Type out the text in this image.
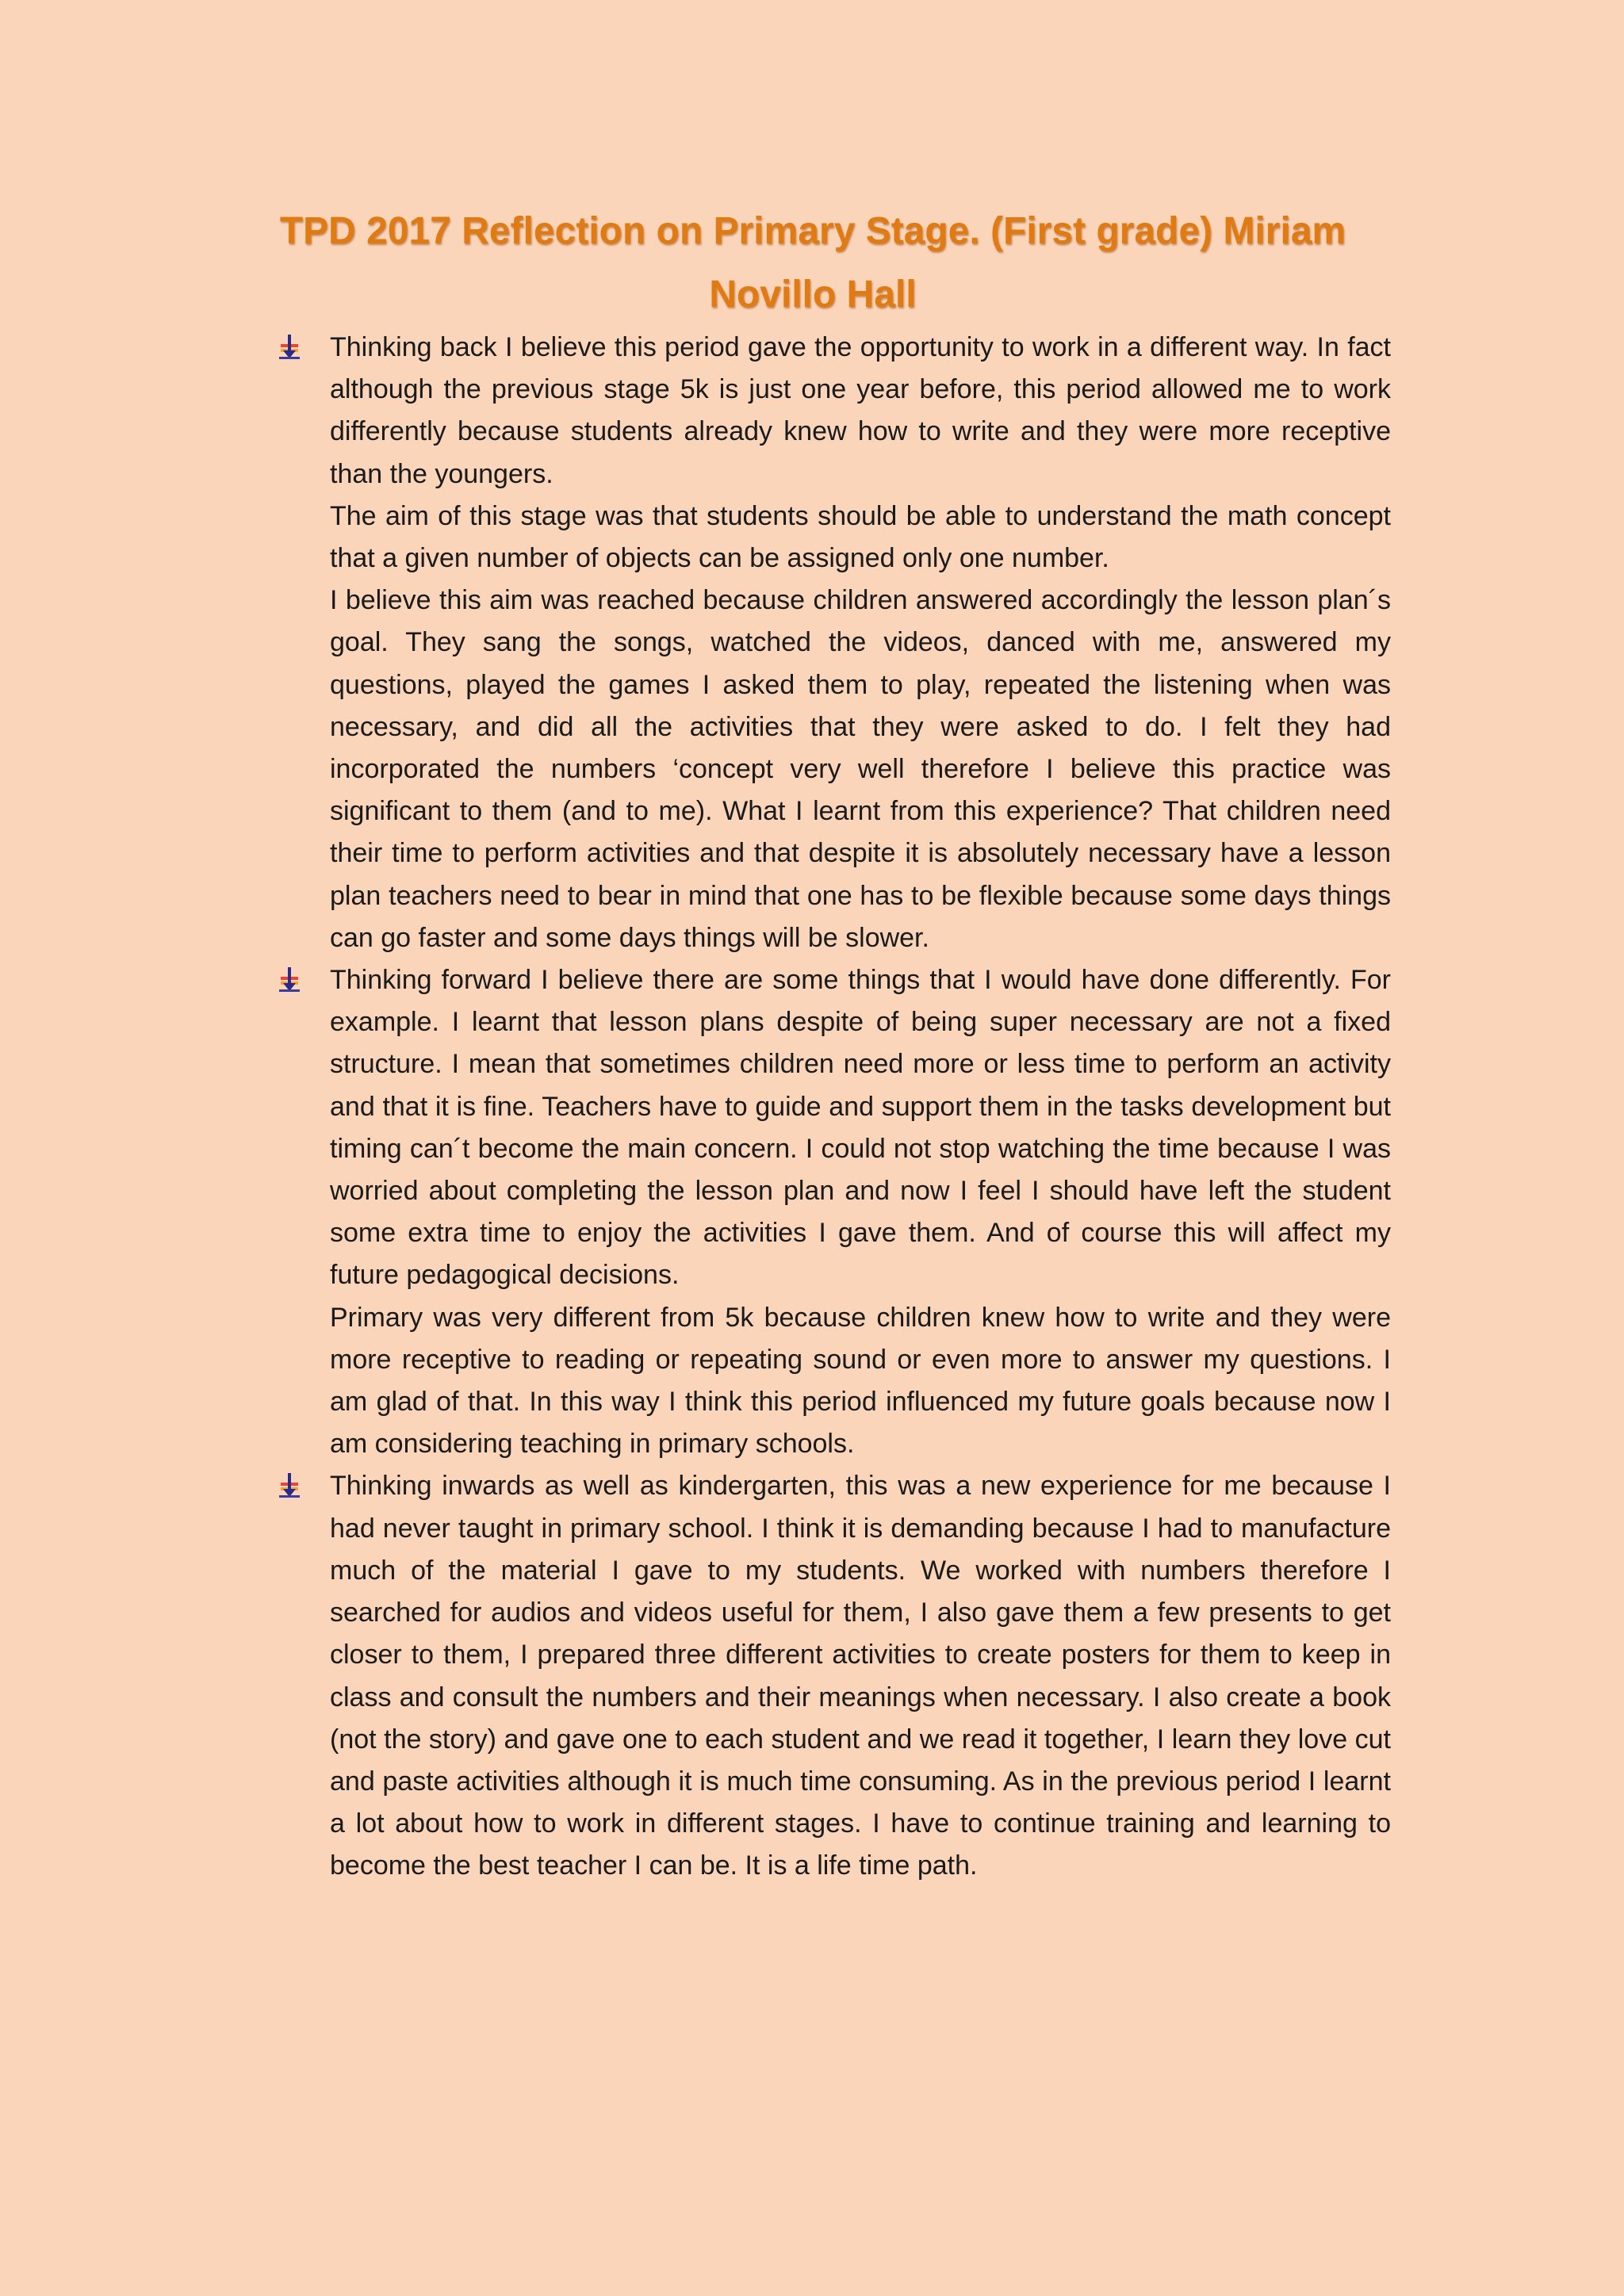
TPD 2017 Reflection on Primary Stage. (First grade) Miriam Novillo Hall

Thinking back I believe this period gave the opportunity to work in a different way. In fact although the previous stage 5k is just one year before, this period allowed me to work differently because students already knew how to write and they were more receptive than the youngers.

The aim of this stage was that students should be able to understand the math concept that a given number of objects can be assigned only one number.

I believe this aim was reached because children answered accordingly the lesson plan´s goal. They sang the songs, watched the videos, danced with me, answered my questions, played the games I asked them to play, repeated the listening when was necessary, and did all the activities that they were asked to do. I felt they had incorporated the numbers ‘concept very well therefore I believe this practice was significant to them (and to me). What I learnt from this experience? That children need their time to perform activities and that despite it is absolutely necessary have a lesson plan teachers need to bear in mind that one has to be flexible because some days things can go faster and some days things will be slower.

Thinking forward I believe there are some things that I would have done differently. For example. I learnt that lesson plans despite of being super necessary are not a fixed structure. I mean that sometimes children need more or less time to perform an activity and that it is fine. Teachers have to guide and support them in the tasks development but timing can´t become the main concern. I could not stop watching the time because I was worried about completing the lesson plan and now I feel I should have left the student some extra time to enjoy the activities I gave them. And of course this will affect my future pedagogical decisions.

Primary was very different from 5k because children knew how to write and they were more receptive to reading or repeating sound or even more to answer my questions. I am glad of that. In this way I think this period influenced my future goals because now I am considering teaching in primary schools.

Thinking inwards as well as kindergarten, this was a new experience for me because I had never taught in primary school. I think it is demanding because I had to manufacture much of the material I gave to my students. We worked with numbers therefore I searched for audios and videos useful for them, I also gave them a few presents to get closer to them, I prepared three different activities to create posters for them to keep in class and consult the numbers and their meanings when necessary. I also create a book (not the story) and gave one to each student and we read it together, I learn they love cut and paste activities although it is much time consuming. As in the previous period I learnt a lot about how to work in different stages. I have to continue training and learning to become the best teacher I can be. It is a life time path.
